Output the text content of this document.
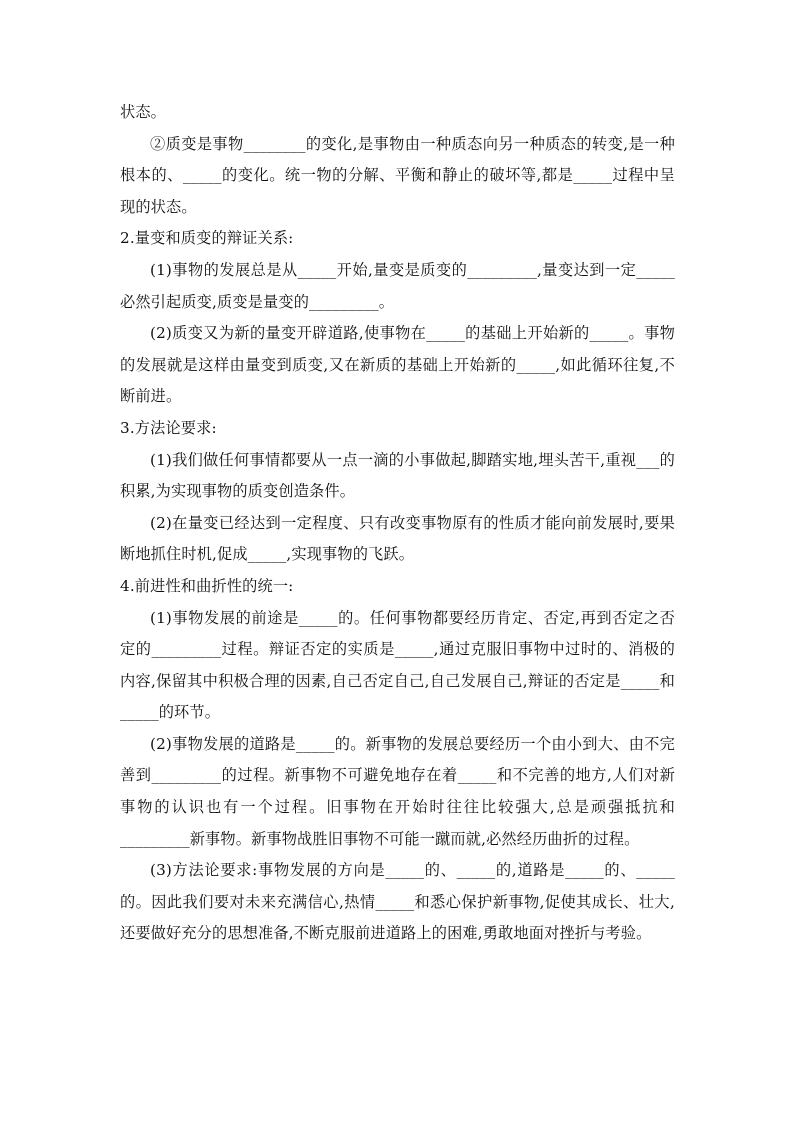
状态。

②质变是事物________的变化,是事物由一种质态向另一种质态的转变,是一种根本的、_____的变化。统一物的分解、平衡和静止的破坏等,都是_____过程中呈现的状态。

2.量变和质变的辩证关系:

(1)事物的发展总是从_____开始,量变是质变的_________,量变达到一定_____必然引起质变,质变是量变的_________。

(2)质变又为新的量变开辟道路,使事物在_____的基础上开始新的_____。事物的发展就是这样由量变到质变,又在新质的基础上开始新的_____,如此循环往复,不断前进。

3.方法论要求:

(1)我们做任何事情都要从一点一滴的小事做起,脚踏实地,埋头苦干,重视___的积累,为实现事物的质变创造条件。

(2)在量变已经达到一定程度、只有改变事物原有的性质才能向前发展时,要果断地抓住时机,促成_____,实现事物的飞跃。

4.前进性和曲折性的统一:

(1)事物发展的前途是_____的。任何事物都要经历肯定、否定,再到否定之否定的_________过程。辩证否定的实质是_____,通过克服旧事物中过时的、消极的内容,保留其中积极合理的因素,自己否定自己,自己发展自己,辩证的否定是_____和_____的环节。

(2)事物发展的道路是_____的。新事物的发展总要经历一个由小到大、由不完善到_________的过程。新事物不可避免地存在着_____和不完善的地方,人们对新事物的认识也有一个过程。旧事物在开始时往往比较强大,总是顽强抵抗和_________新事物。新事物战胜旧事物不可能一蹴而就,必然经历曲折的过程。

(3)方法论要求:事物发展的方向是_____的、_____的,道路是_____的、_____的。因此我们要对未来充满信心,热情_____和悉心保护新事物,促使其成长、壮大,还要做好充分的思想准备,不断克服前进道路上的困难,勇敢地面对挫折与考验。
